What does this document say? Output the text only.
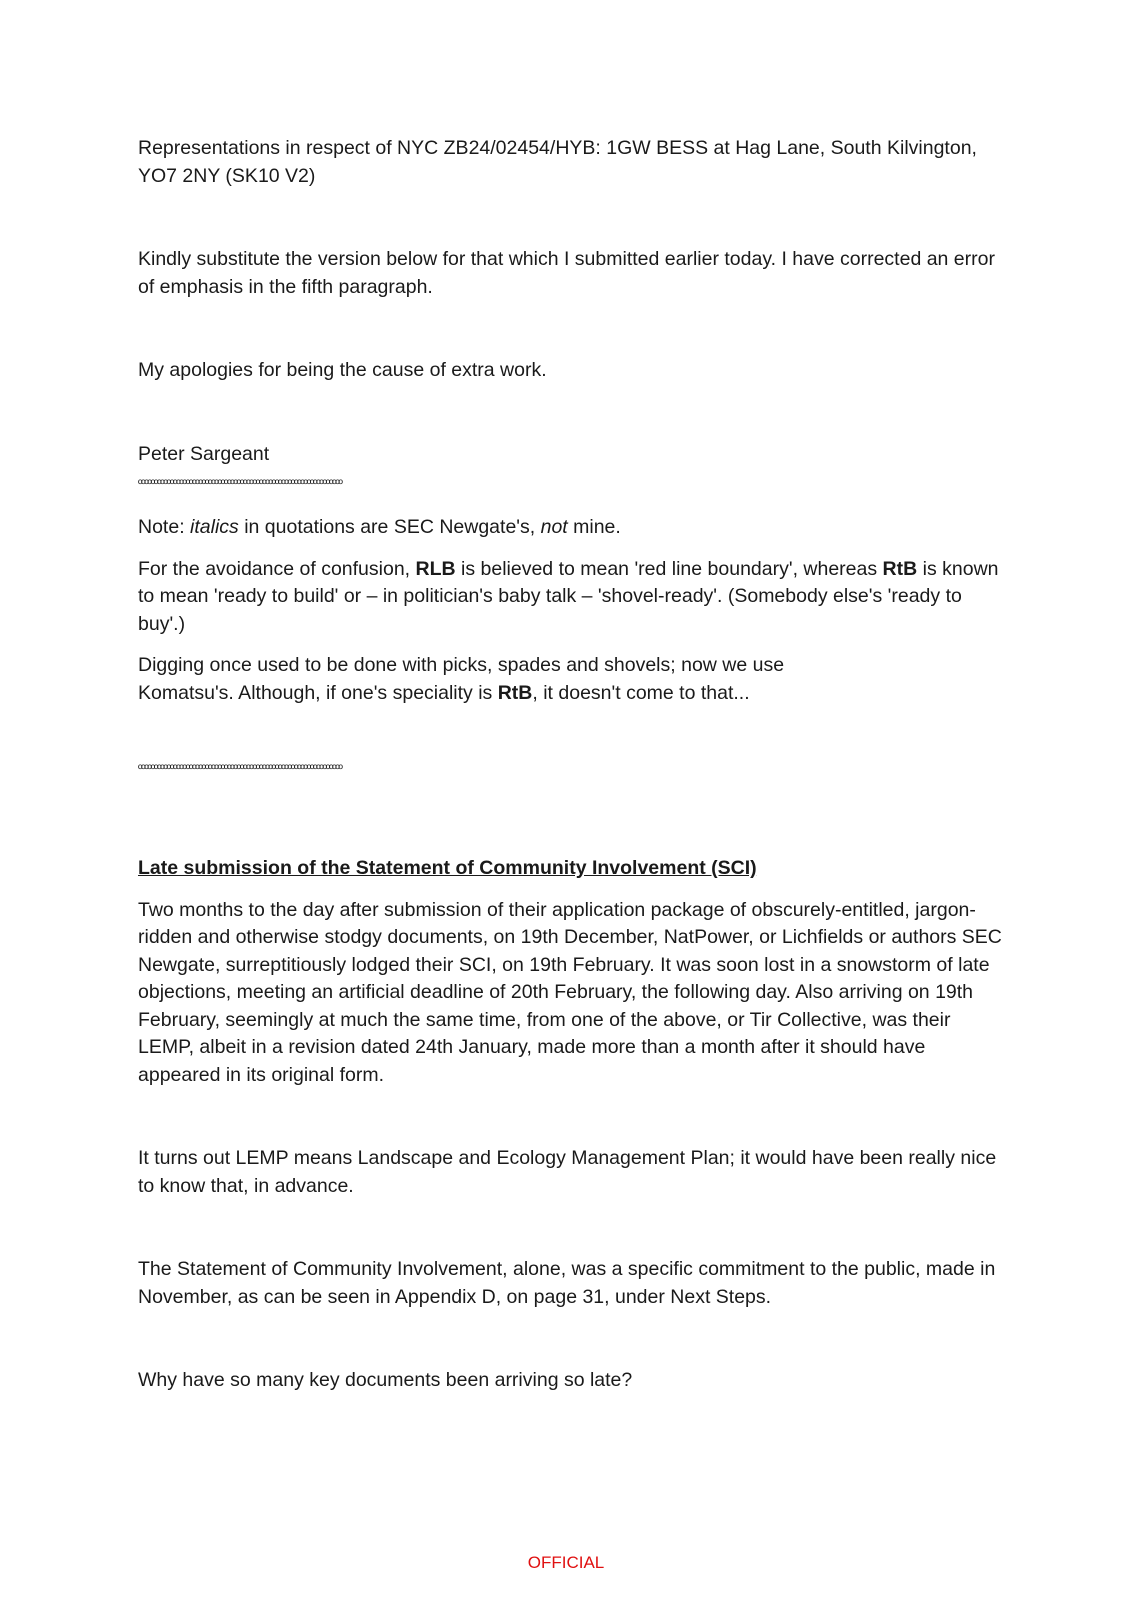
Representations in respect of NYC ZB24/02454/HYB: 1GW BESS at Hag Lane, South Kilvington, YO7 2NY (SK10 V2)

Kindly substitute the version below for that which I submitted earlier today. I have corrected an error of emphasis in the fifth paragraph.

My apologies for being the cause of extra work.

Peter Sargeant

ºººººººººººººººººººººººººººººººººººººººººººººººººººººººººººººººº

Note: italics in quotations are SEC Newgate's, not mine.

For the avoidance of confusion, RLB is believed to mean 'red line boundary', whereas RtB is known to mean 'ready to build' or – in politician's baby talk – 'shovel-ready'. (Somebody else's 'ready to buy'.)

Digging once used to be done with picks, spades and shovels; now we use
Komatsu's. Although, if one's speciality is RtB, it doesn't come to that...

ºººººººººººººººººººººººººººººººººººººººººººººººººººººººººººººººº

Late submission of the Statement of Community Involvement (SCI)

Two months to the day after submission of their application package of obscurely-entitled, jargon-ridden and otherwise stodgy documents, on 19th December, NatPower, or Lichfields or authors SEC Newgate, surreptitiously lodged their SCI, on 19th February. It was soon lost in a snowstorm of late objections, meeting an artificial deadline of 20th February, the following day. Also arriving on 19th February, seemingly at much the same time, from one of the above, or Tir Collective, was their LEMP, albeit in a revision dated 24th January, made more than a month after it should have appeared in its original form.

It turns out LEMP means Landscape and Ecology Management Plan; it would have been really nice to know that, in advance.

The Statement of Community Involvement, alone, was a specific commitment to the public, made in November, as can be seen in Appendix D, on page 31, under Next Steps.

Why have so many key documents been arriving so late?

OFFICIAL
